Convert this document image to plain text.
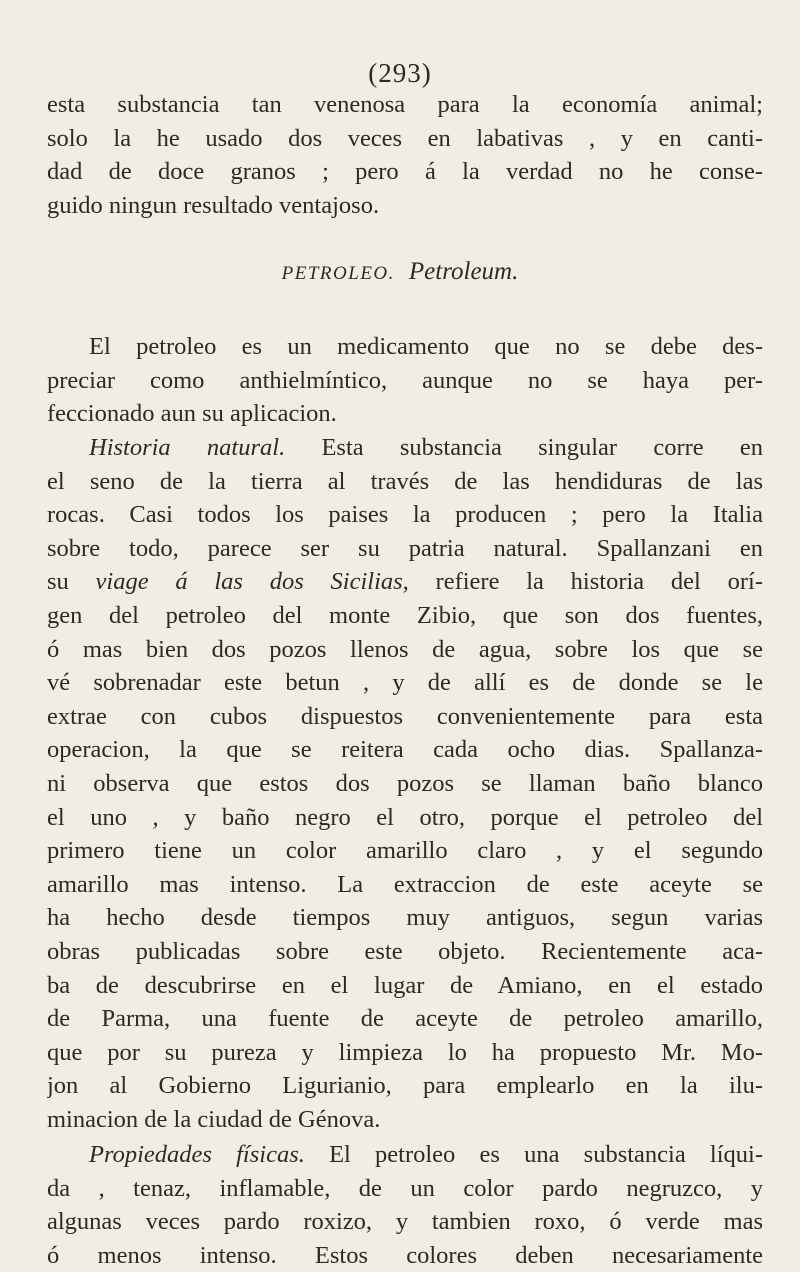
(293)
esta substancia tan venenosa para la economía animal;
solo la he usado dos veces en labativas , y en canti-
dad de doce granos ; pero á la verdad no he conse-
guido ningun resultado ventajoso.
PETROLEO. Petroleum.
El petroleo es un medicamento que no se debe des-
preciar como anthielmíntico, aunque no se haya per-
feccionado aun su aplicacion.
Historia natural. Esta substancia singular corre en
el seno de la tierra al través de las hendiduras de las
rocas. Casi todos los paises la producen ; pero la Italia
sobre todo, parece ser su patria natural. Spallanzani en
su viage á las dos Sicilias, refiere la historia del orí-
gen del petroleo del monte Zibio, que son dos fuentes,
ó mas bien dos pozos llenos de agua, sobre los que se
vé sobrenadar este betun , y de allí es de donde se le
extrae con cubos dispuestos convenientemente para esta
operacion, la que se reitera cada ocho dias. Spallanza-
ni observa que estos dos pozos se llaman baño blanco
el uno , y baño negro el otro, porque el petroleo del
primero tiene un color amarillo claro , y el segundo
amarillo mas intenso. La extraccion de este aceyte se
ha hecho desde tiempos muy antiguos, segun varias
obras publicadas sobre este objeto. Recientemente aca-
ba de descubrirse en el lugar de Amiano, en el estado
de Parma, una fuente de aceyte de petroleo amarillo,
que por su pureza y limpieza lo ha propuesto Mr. Mo-
jon al Gobierno Ligurianio, para emplearlo en la ilu-
minacion de la ciudad de Génova.
Propiedades físicas. El petroleo es una substancia líqui-
da , tenaz, inflamable, de un color pardo negruzco, y
algunas veces pardo roxizo, y tambien roxo, ó verde mas
ó menos intenso. Estos colores deben necesariamente
